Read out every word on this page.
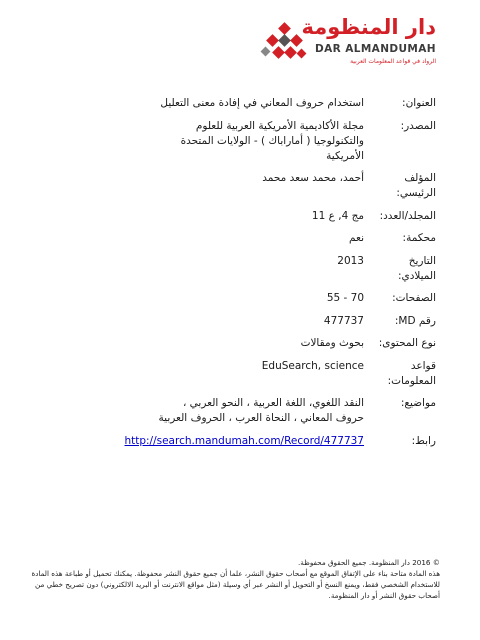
دار المنظومة
DAR ALMANDUMAH
الرواد في قواعد المعلومات العربية
العنوان:
استخدام حروف المعاني في إفادة معنى التعليل
المصدر:
مجلة الأكاديمية الأمريكية العربية للعلوم والتكنولوجيا ( أماراباك ) - الولايات المتحدة الأمريكية
المؤلف الرئيسي:
أحمد، محمد سعد محمد
المجلد/العدد:
مج 4, ع 11
محكمة:
نعم
التاريخ الميلادي:
2013
الصفحات:
55 - 70
رقم MD:
477737
نوع المحتوى:
بحوث ومقالات
قواعد المعلومات:
EduSearch, science
مواضيع:
النقد اللغوي، اللغة العربية ، النحو العربي ، حروف المعاني ، النحاة العرب ، الحروف العربية
رابط:
http://search.mandumah.com/Record/477737
© 2016 دار المنظومة. جميع الحقوق محفوظة.
هذه المادة متاحة بناء على الإتفاق الموقع مع أصحاب حقوق النشر، علما أن جميع حقوق النشر محفوظة. يمكنك تحميل أو طباعة هذه المادة للاستخدام الشخصي فقط، ويمنع النسخ أو التحويل أو النشر عبر أي وسيلة (مثل مواقع الانترنت أو البريد الالكتروني) دون تصريح خطي من أصحاب حقوق النشر أو دار المنظومة.
